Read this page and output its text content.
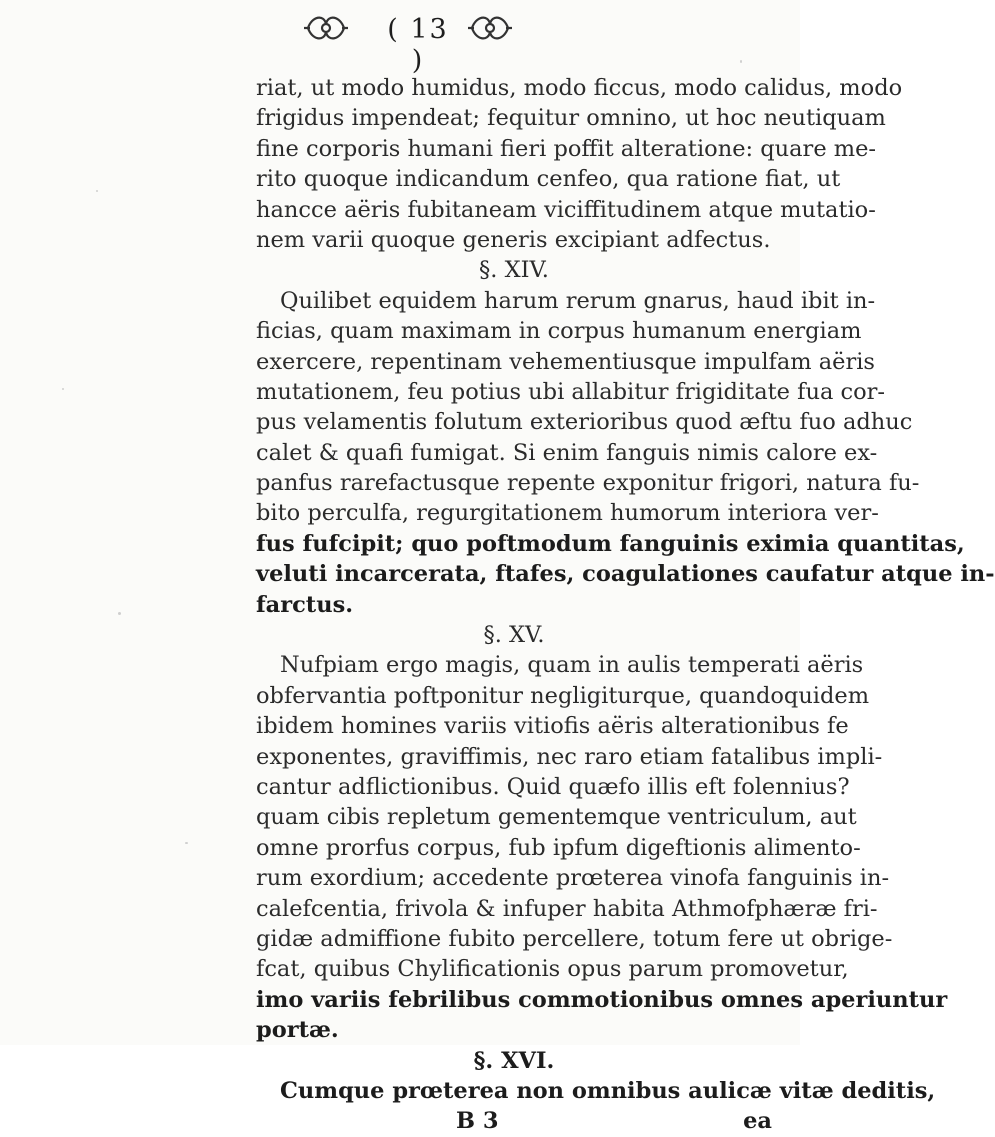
( 13 )
riat, ut modo humidus, modo ficcus, modo calidus, modo
frigidus impendeat; fequitur omnino, ut hoc neutiquam
fine corporis humani fieri poffit alteratione: quare me-
rito quoque indicandum cenfeo, qua ratione fiat, ut
hancce aëris fubitaneam viciffitudinem atque mutatio-
nem varii quoque generis excipiant adfectus.
§. XIV.
Quilibet equidem harum rerum gnarus, haud ibit in-
ficias, quam maximam in corpus humanum energiam
exercere, repentinam vehementiusque impulfam aëris
mutationem, feu potius ubi allabitur frigiditate fua cor-
pus velamentis folutum exterioribus quod æftu fuo adhuc
calet & quafi fumigat. Si enim fanguis nimis calore ex-
panfus rarefactusque repente exponitur frigori, natura fu-
bito perculfa, regurgitationem humorum interiora ver-
fus fufcipit; quo poftmodum fanguinis eximia quantitas,
veluti incarcerata, ftafes, coagulationes caufatur atque in-
farctus.
§. XV.
Nufpiam ergo magis, quam in aulis temperati aëris
obfervantia poftponitur negligiturque, quandoquidem
ibidem homines variis vitiofis aëris alterationibus fe
exponentes, graviffimis, nec raro etiam fatalibus impli-
cantur adflictionibus. Quid quæfo illis eft folennius?
quam cibis repletum gementemque ventriculum, aut
omne prorfus corpus, fub ipfum digeftionis alimento-
rum exordium; accedente prœterea vinofa fanguinis in-
calefcentia, frivola & infuper habita Athmofphæræ fri-
gidæ admiffione fubito percellere, totum fere ut obrige-
fcat, quibus Chylificationis opus parum promovetur,
imo variis febrilibus commotionibus omnes aperiuntur
portæ.
§. XVI.
Cumque prœterea non omnibus aulicæ vitæ deditis,
B 3	ea
